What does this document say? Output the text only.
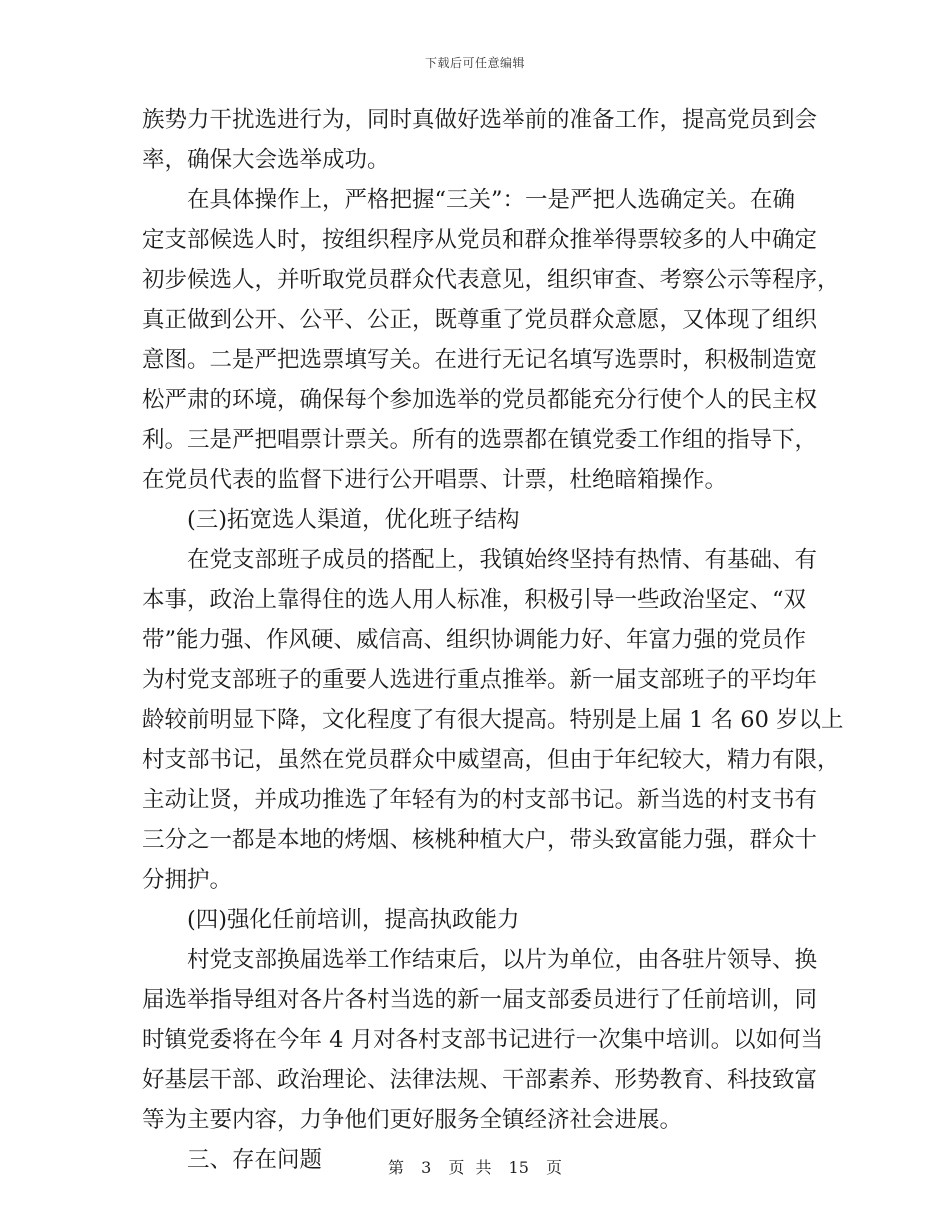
下载后可任意编辑
族势力干扰选进行为，同时真做好选举前的准备工作，提高党员到会
率，确保大会选举成功。
在具体操作上，严格把握“三关”：一是严把人选确定关。在确
定支部候选人时，按组织程序从党员和群众推举得票较多的人中确定
初步候选人，并听取党员群众代表意见，组织审查、考察公示等程序，
真正做到公开、公平、公正，既尊重了党员群众意愿，又体现了组织
意图。二是严把选票填写关。在进行无记名填写选票时，积极制造宽
松严肃的环境，确保每个参加选举的党员都能充分行使个人的民主权
利。三是严把唱票计票关。所有的选票都在镇党委工作组的指导下，
在党员代表的监督下进行公开唱票、计票，杜绝暗箱操作。
(三)拓宽选人渠道，优化班子结构
在党支部班子成员的搭配上，我镇始终坚持有热情、有基础、有
本事，政治上靠得住的选人用人标准，积极引导一些政治坚定、“双
带”能力强、作风硬、威信高、组织协调能力好、年富力强的党员作
为村党支部班子的重要人选进行重点推举。新一届支部班子的平均年
龄较前明显下降，文化程度了有很大提高。特别是上届 1 名 60 岁以上
村支部书记，虽然在党员群众中威望高，但由于年纪较大，精力有限，
主动让贤，并成功推选了年轻有为的村支部书记。新当选的村支书有
三分之一都是本地的烤烟、核桃种植大户，带头致富能力强，群众十
分拥护。
(四)强化任前培训，提高执政能力
村党支部换届选举工作结束后，以片为单位，由各驻片领导、换
届选举指导组对各片各村当选的新一届支部委员进行了任前培训，同
时镇党委将在今年 4 月对各村支部书记进行一次集中培训。以如何当
好基层干部、政治理论、法律法规、干部素养、形势教育、科技致富
等为主要内容，力争他们更好服务全镇经济社会进展。
三、存在问题	第 3 页 共 15 页
